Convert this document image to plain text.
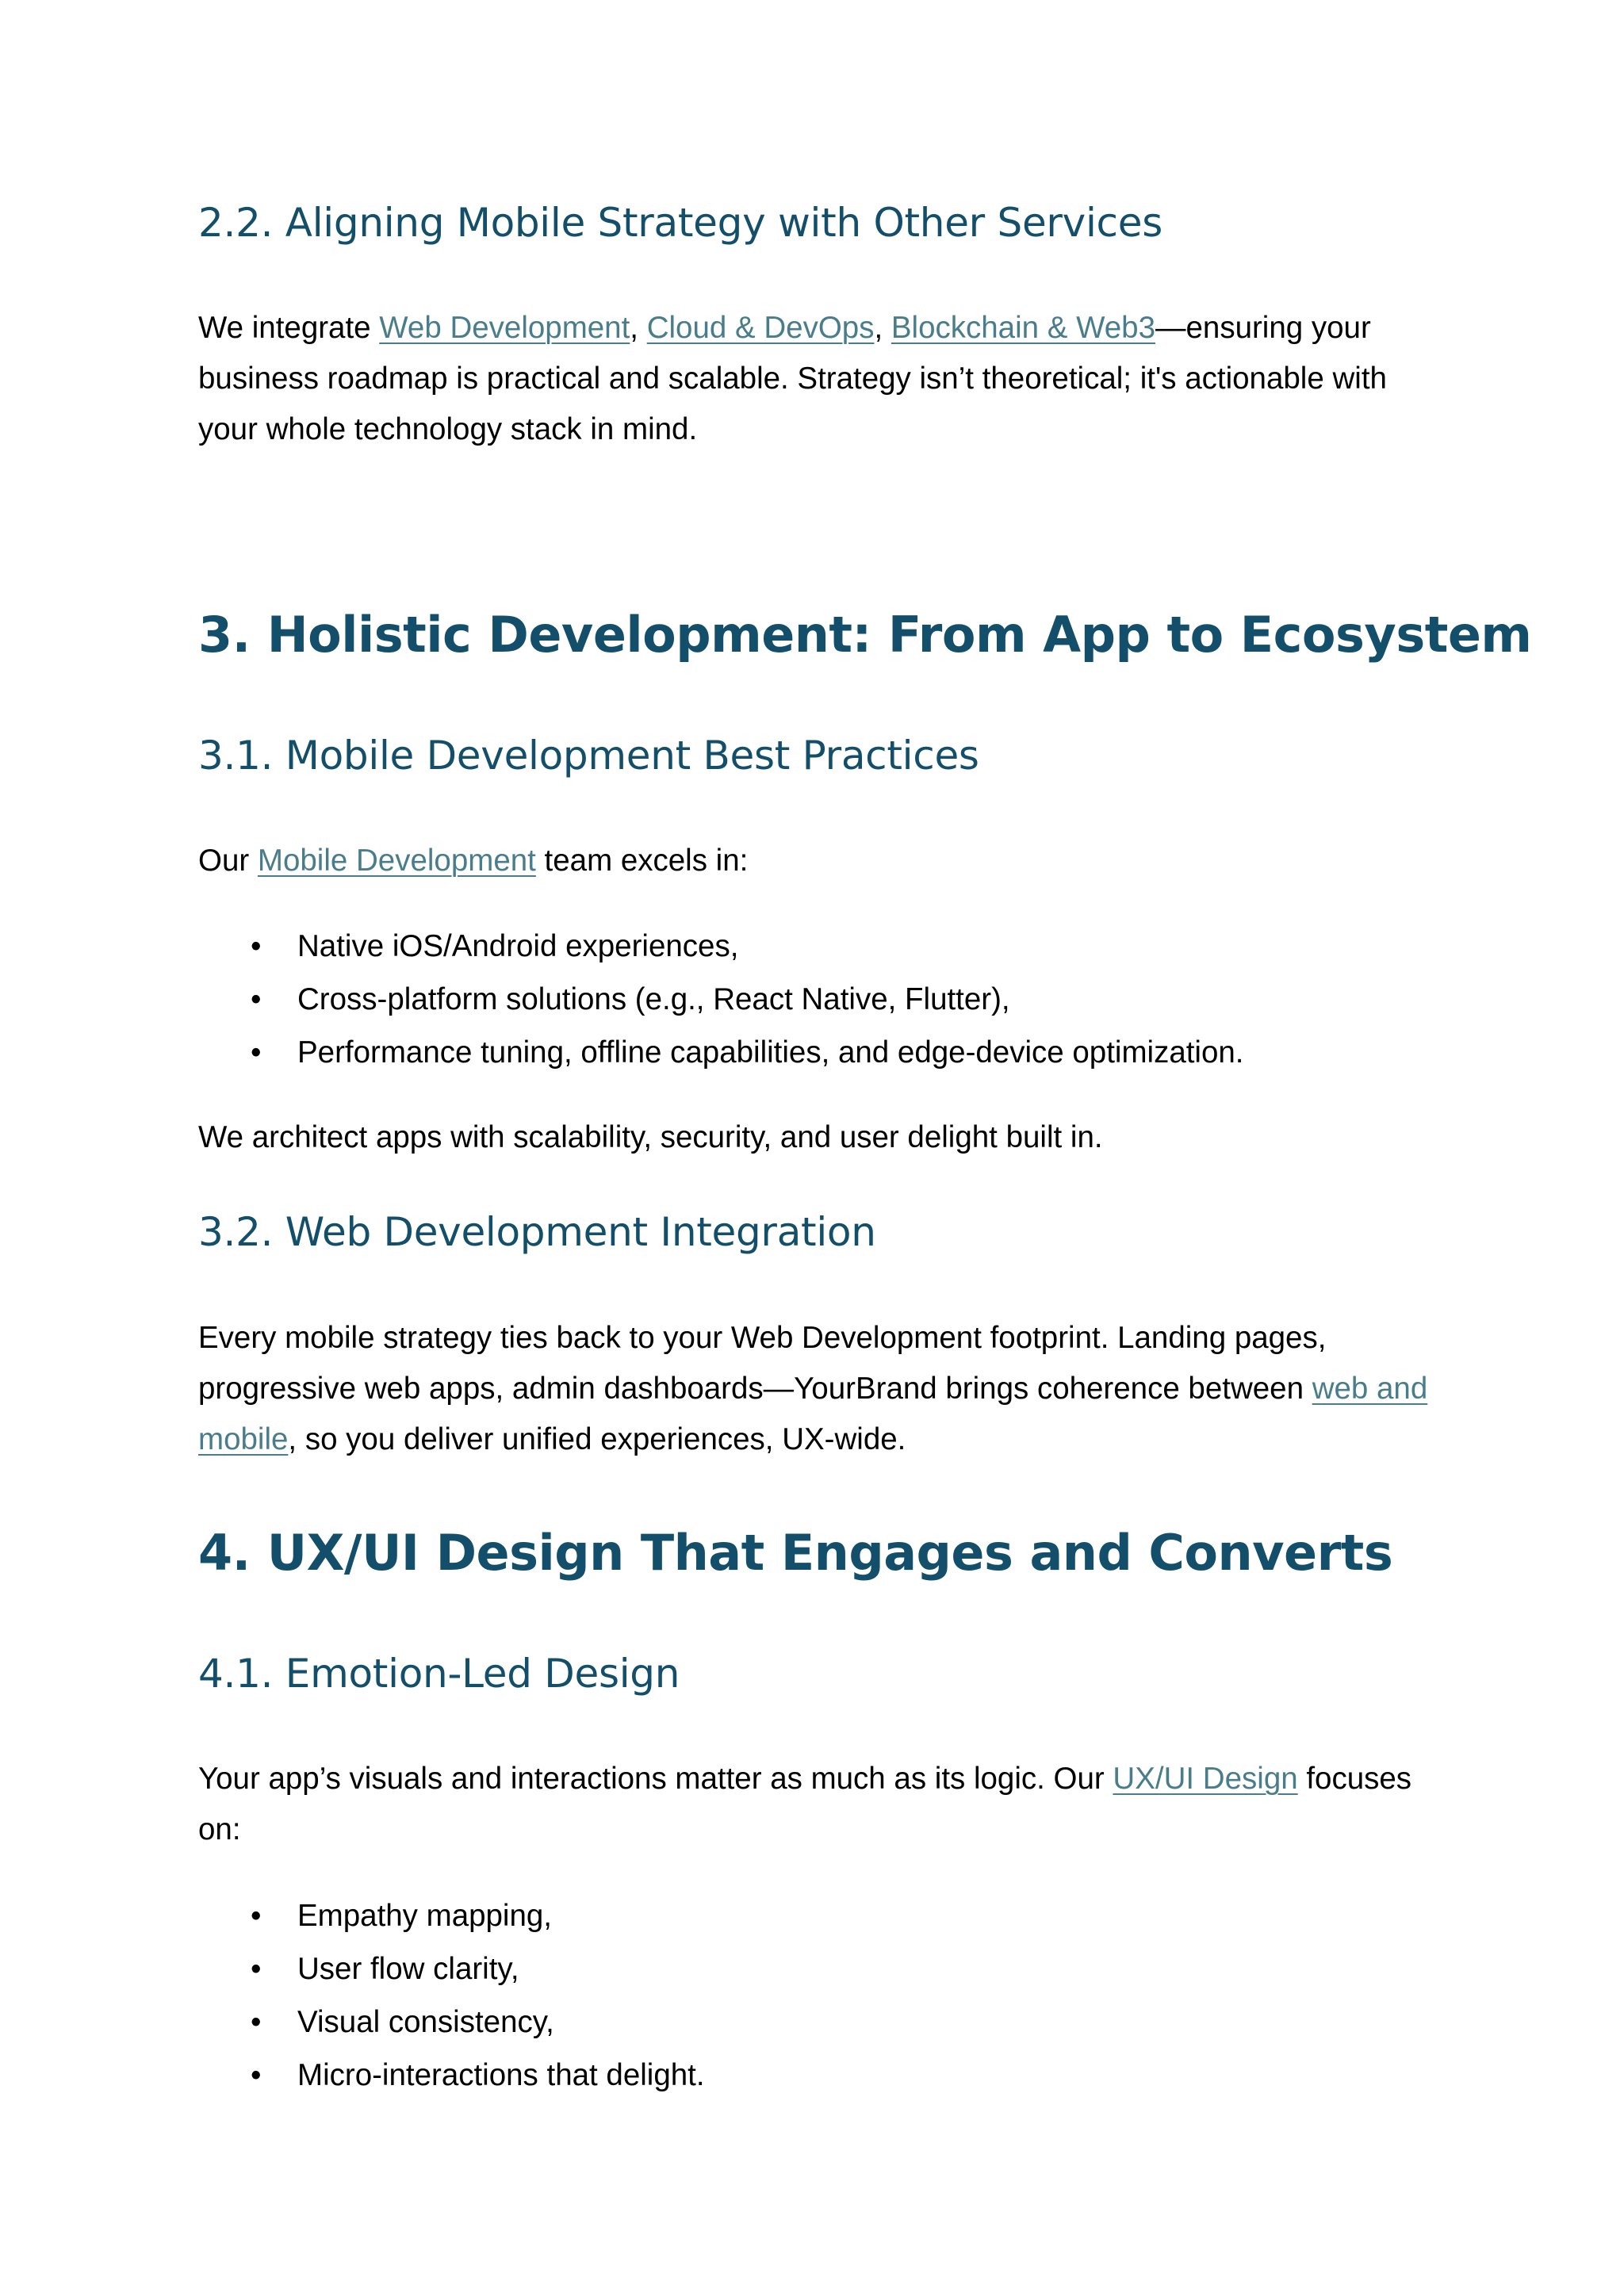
2.2. Aligning Mobile Strategy with Other Services

We integrate Web Development, Cloud & DevOps, Blockchain & Web3—ensuring your business roadmap is practical and scalable. Strategy isn’t theoretical; it's actionable with your whole technology stack in mind.

3. Holistic Development: From App to Ecosystem
3.1. Mobile Development Best Practices

Our Mobile Development team excels in:

• Native iOS/Android experiences,
• Cross-platform solutions (e.g., React Native, Flutter),
• Performance tuning, offline capabilities, and edge-device optimization.

We architect apps with scalability, security, and user delight built in.

3.2. Web Development Integration

Every mobile strategy ties back to your Web Development footprint. Landing pages, progressive web apps, admin dashboards—YourBrand brings coherence between web and mobile, so you deliver unified experiences, UX-wide.

4. UX/UI Design That Engages and Converts
4.1. Emotion-Led Design

Your app’s visuals and interactions matter as much as its logic. Our UX/UI Design focuses on:

• Empathy mapping,
• User flow clarity,
• Visual consistency,
• Micro-interactions that delight.
